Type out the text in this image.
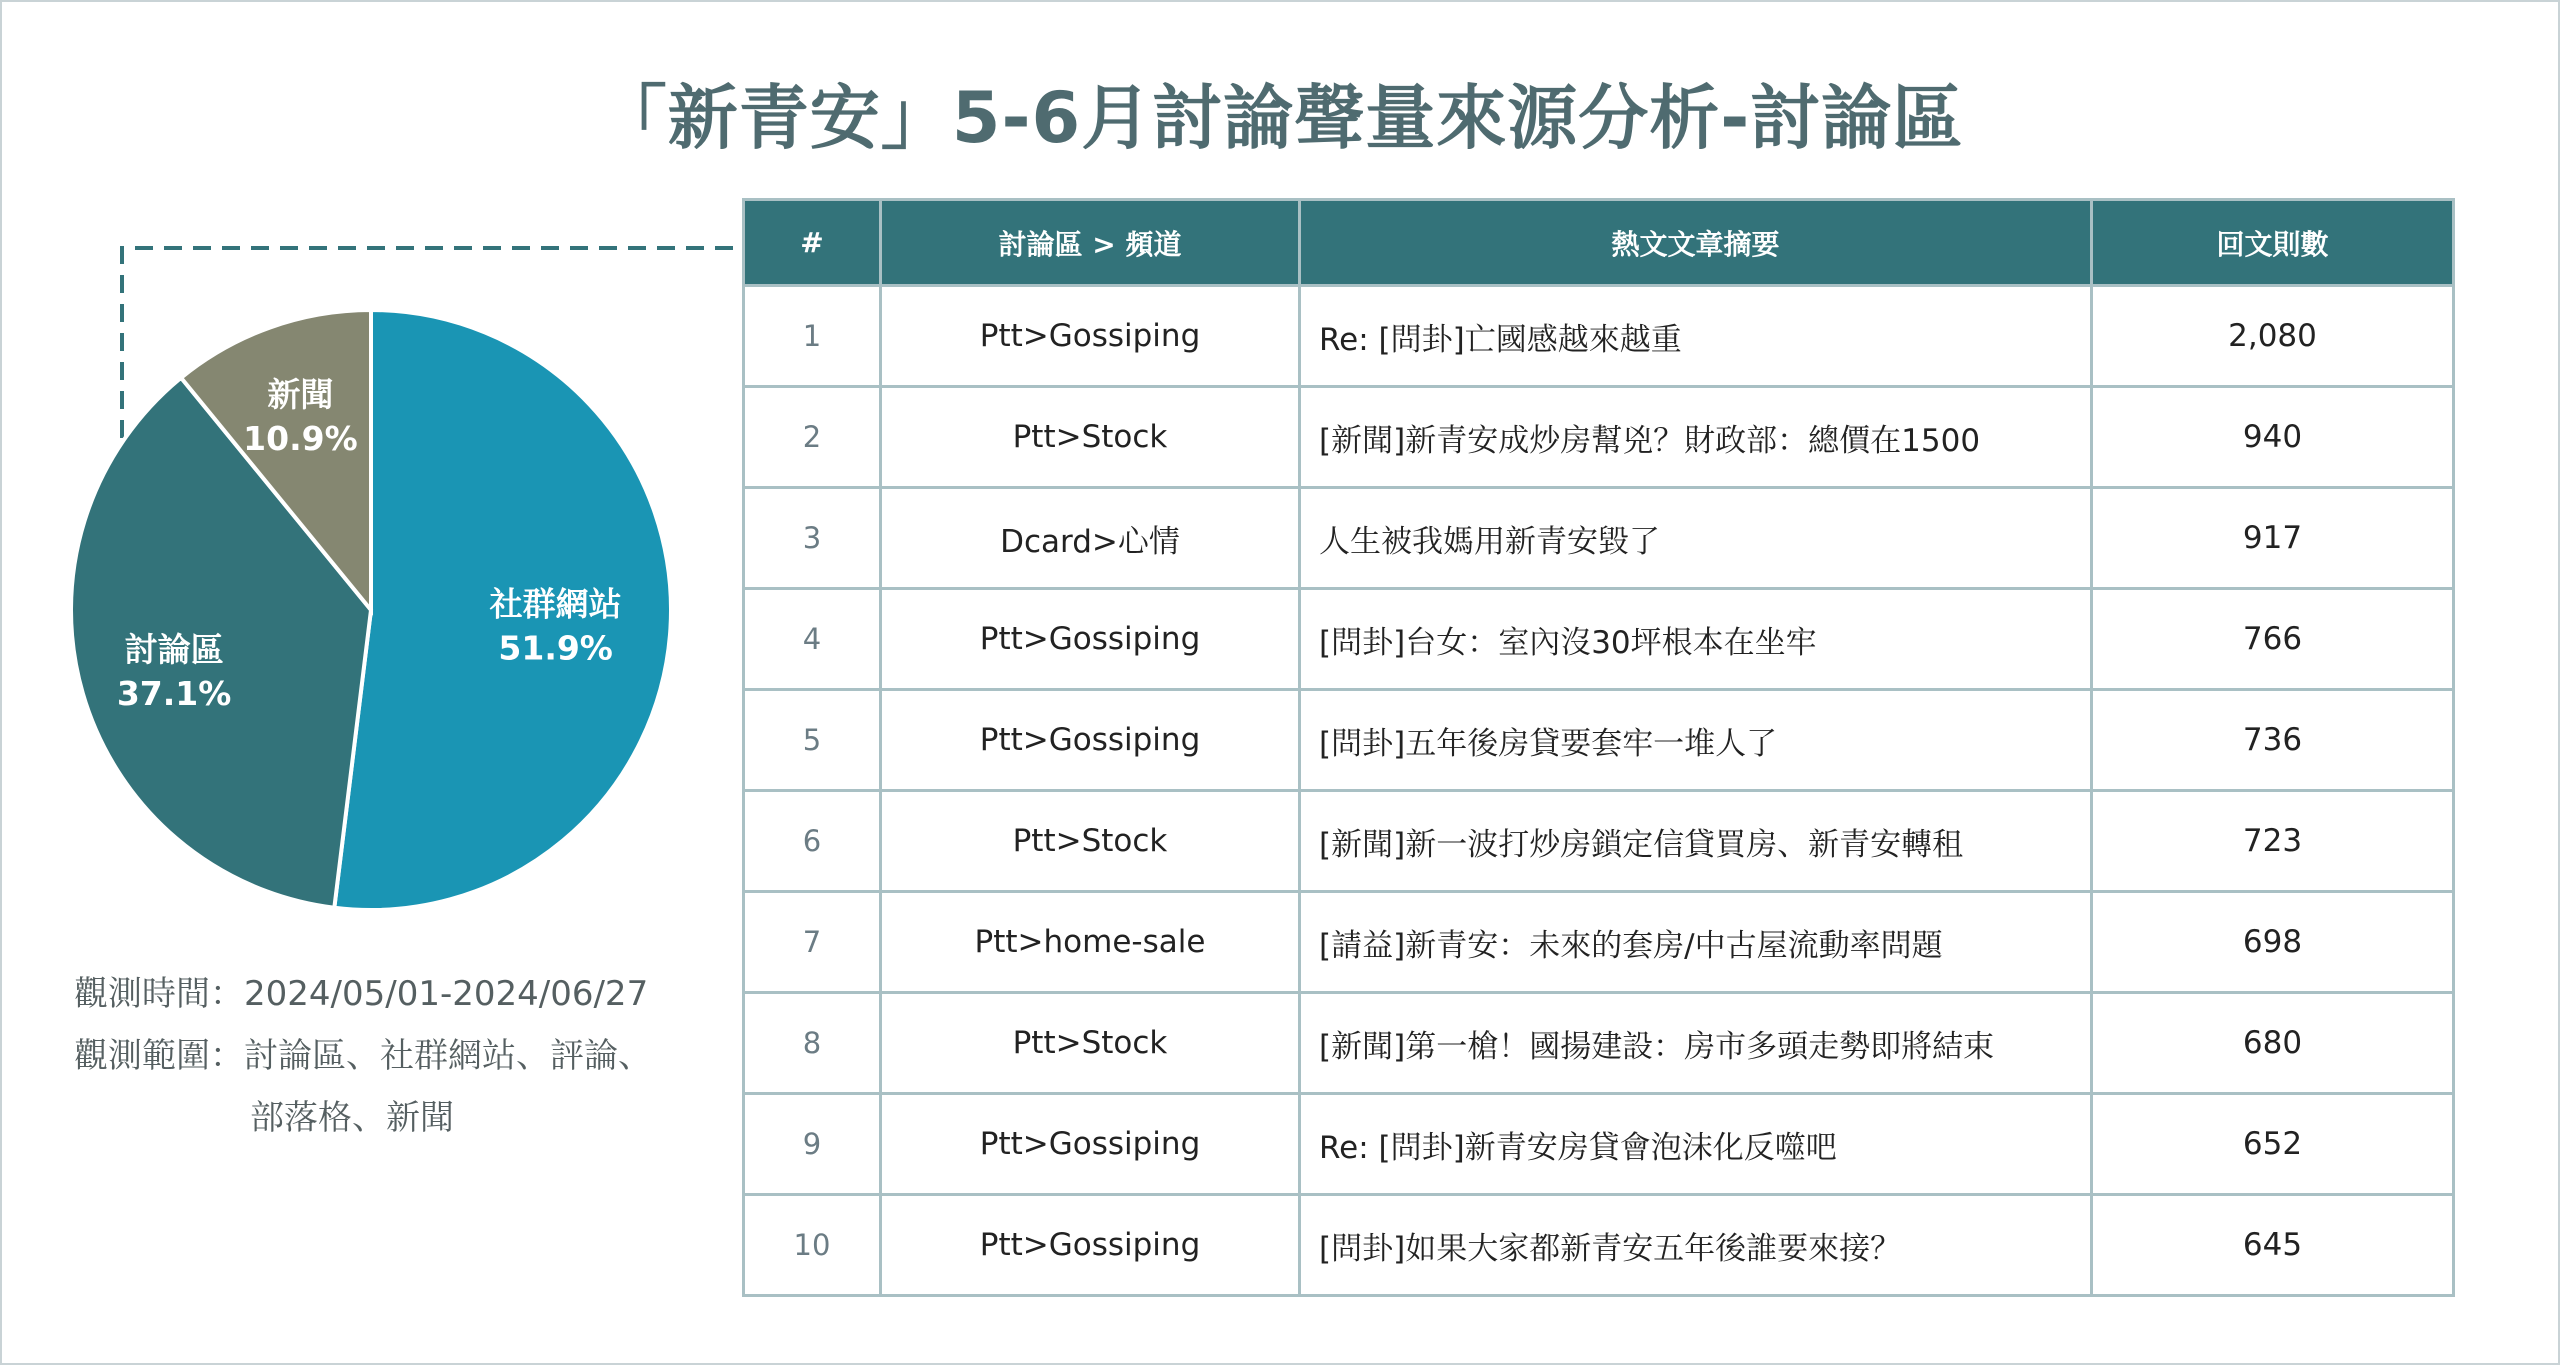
「新青安」5-6月討論聲量來源分析-討論區
社群網站
51.9%
討論區
37.1%
新聞
10.9%
觀測時間：2024/05/01-2024/06/27
觀測範圍：討論區、社群網站、評論、
部落格、新聞
#	討論區 > 頻道	熱文文章摘要	回文則數
1	Ptt>Gossiping	Re: [問卦]亡國感越來越重	2,080
2	Ptt>Stock	[新聞]新青安成炒房幫兇？財政部：總價在1500	940
3	Dcard>心情	人生被我媽用新青安毀了	917
4	Ptt>Gossiping	[問卦]台女：室內沒30坪根本在坐牢	766
5	Ptt>Gossiping	[問卦]五年後房貸要套牢一堆人了	736
6	Ptt>Stock	[新聞]新一波打炒房鎖定信貸買房、新青安轉租	723
7	Ptt>home-sale	[請益]新青安：未來的套房/中古屋流動率問題	698
8	Ptt>Stock	[新聞]第一槍！國揚建設：房市多頭走勢即將結束	680
9	Ptt>Gossiping	Re: [問卦]新青安房貸會泡沫化反噬吧	652
10	Ptt>Gossiping	[問卦]如果大家都新青安五年後誰要來接？	645
